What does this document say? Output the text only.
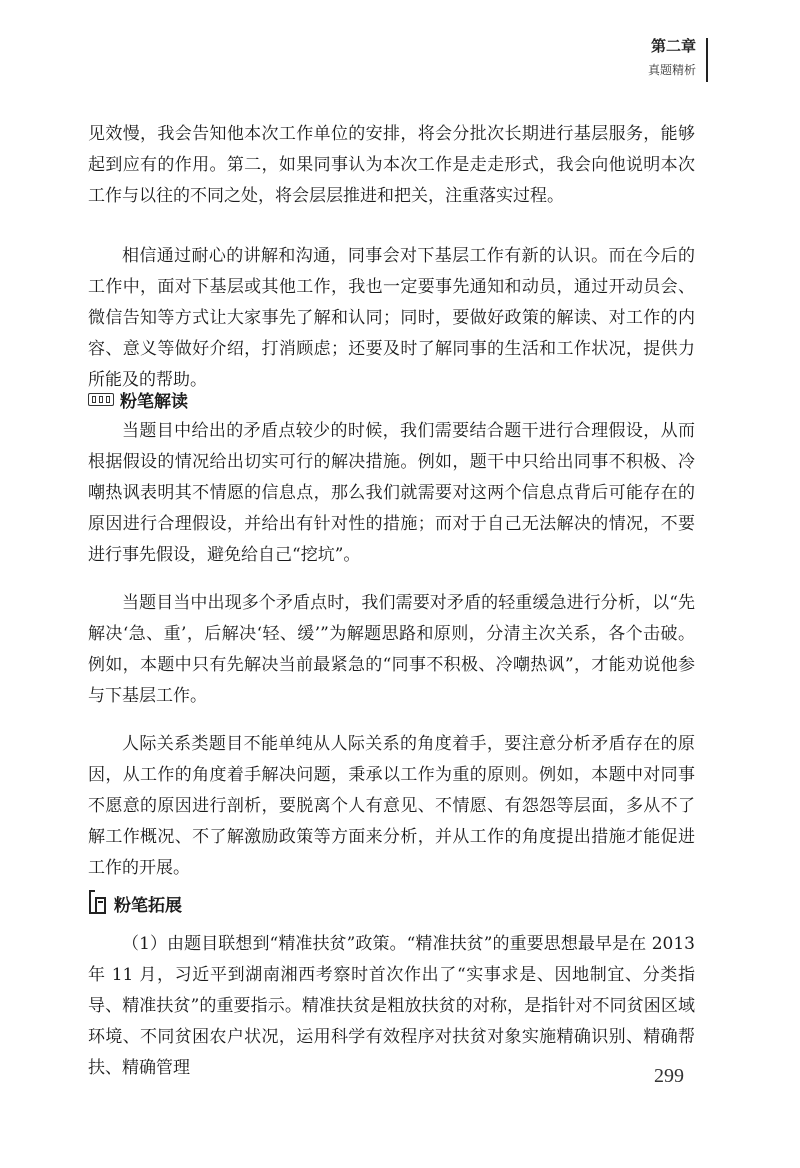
第二章
真题精析

见效慢，我会告知他本次工作单位的安排，将会分批次长期进行基层服务，能够起到应有的作用。第二，如果同事认为本次工作是走走形式，我会向他说明本次工作与以往的不同之处，将会层层推进和把关，注重落实过程。

相信通过耐心的讲解和沟通，同事会对下基层工作有新的认识。而在今后的工作中，面对下基层或其他工作，我也一定要事先通知和动员，通过开动员会、微信告知等方式让大家事先了解和认同；同时，要做好政策的解读、对工作的内容、意义等做好介绍，打消顾虑；还要及时了解同事的生活和工作状况，提供力所能及的帮助。

粉笔解读

当题目中给出的矛盾点较少的时候，我们需要结合题干进行合理假设，从而根据假设的情况给出切实可行的解决措施。例如，题干中只给出同事不积极、冷嘲热讽表明其不情愿的信息点，那么我们就需要对这两个信息点背后可能存在的原因进行合理假设，并给出有针对性的措施；而对于自己无法解决的情况，不要进行事先假设，避免给自己“挖坑”。

当题目当中出现多个矛盾点时，我们需要对矛盾的轻重缓急进行分析，以“先解决‘急、重’，后解决‘轻、缓’”为解题思路和原则，分清主次关系，各个击破。例如，本题中只有先解决当前最紧急的“同事不积极、冷嘲热讽”，才能劝说他参与下基层工作。

人际关系类题目不能单纯从人际关系的角度着手，要注意分析矛盾存在的原因，从工作的角度着手解决问题，秉承以工作为重的原则。例如，本题中对同事不愿意的原因进行剖析，要脱离个人有意见、不情愿、有怨怨等层面，多从不了解工作概况、不了解激励政策等方面来分析，并从工作的角度提出措施才能促进工作的开展。

粉笔拓展

（1）由题目联想到“精准扶贫”政策。“精准扶贫”的重要思想最早是在 2013 年 11 月，习近平到湖南湘西考察时首次作出了“实事求是、因地制宜、分类指导、精准扶贫”的重要指示。精准扶贫是粗放扶贫的对称，是指针对不同贫困区域环境、不同贫困农户状况，运用科学有效程序对扶贫对象实施精确识别、精确帮扶、精确管理	299
